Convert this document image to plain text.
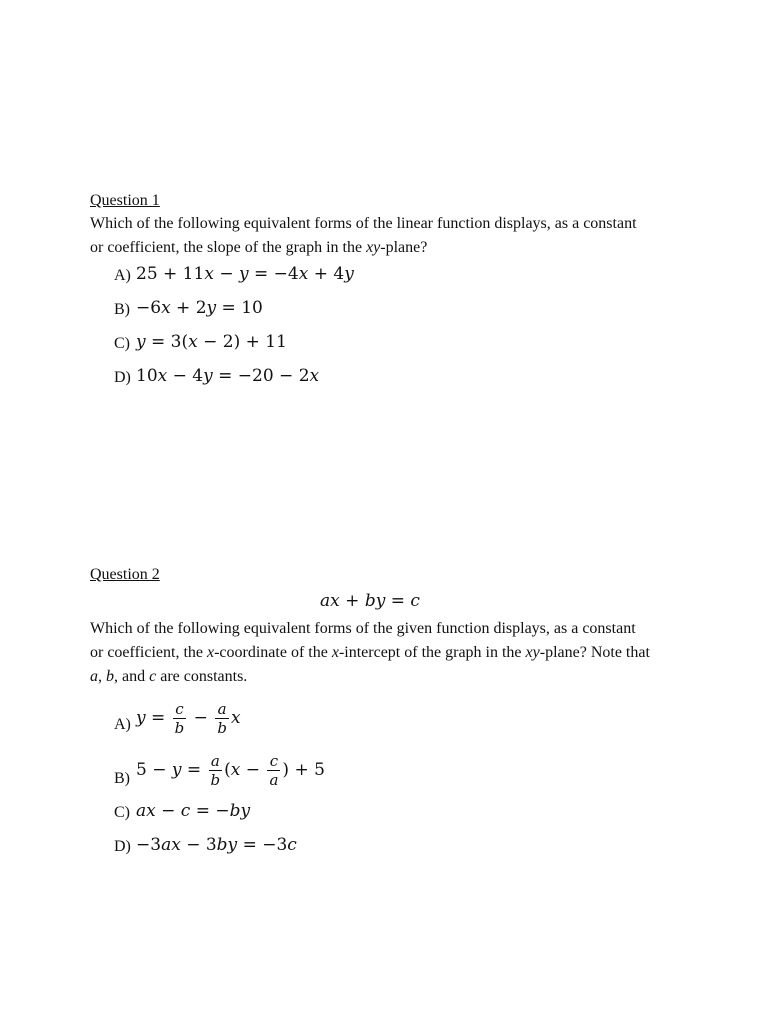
Question 1
Which of the following equivalent forms of the linear function displays, as a constant or coefficient, the slope of the graph in the xy-plane?
A) 25 + 11x − y = −4x + 4y
B) −6x + 2y = 10
C) y = 3(x − 2) + 11
D) 10x − 4y = −20 − 2x
Question 2
ax + by = c
Which of the following equivalent forms of the given function displays, as a constant or coefficient, the x-coordinate of the x-intercept of the graph in the xy-plane? Note that a, b, and c are constants.
A) $y = \frac{c}{b} - \frac{a}{b}$ x
B) $5 - y = \frac{a}{b} (x - \frac{c}{a}$ ) + 5
C) ax − c = −by
D) −3ax − 3by = −3c
